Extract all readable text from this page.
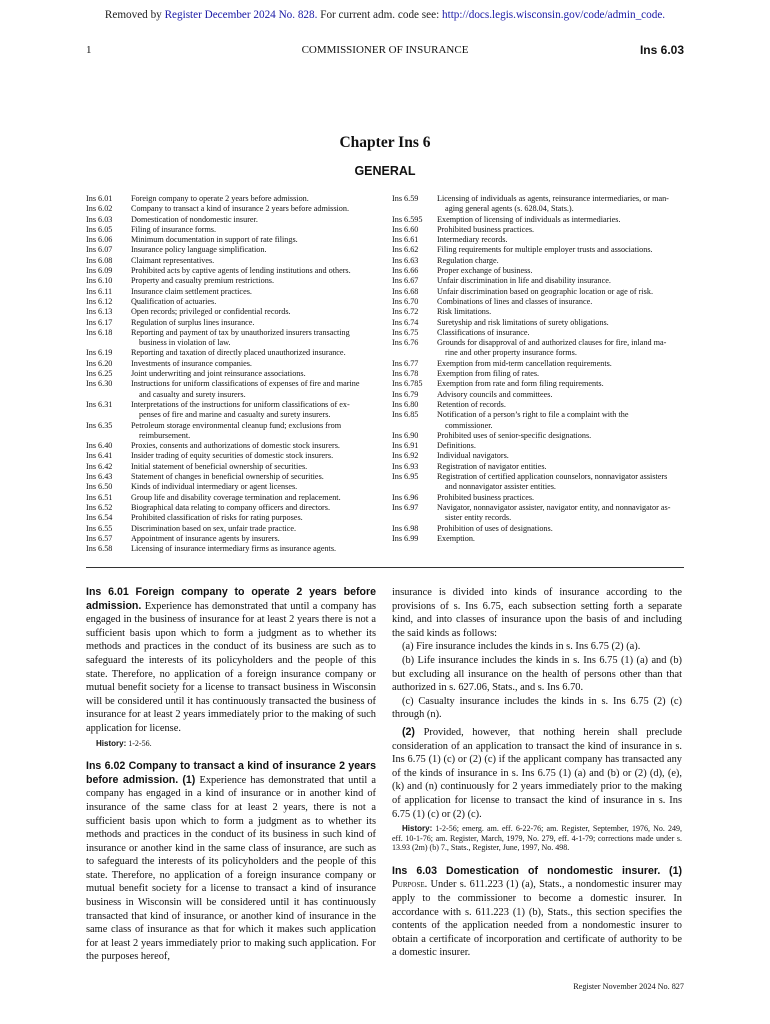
Removed by Register December 2024 No. 828. For current adm. code see: http://docs.legis.wisconsin.gov/code/admin_code.
1	COMMISSIONER OF INSURANCE	Ins 6.03
Chapter Ins 6
GENERAL
Ins 6.01	Foreign company to operate 2 years before admission.
Ins 6.02	Company to transact a kind of insurance 2 years before admission.
Ins 6.03	Domestication of nondomestic insurer.
Ins 6.05	Filing of insurance forms.
Ins 6.06	Minimum documentation in support of rate filings.
Ins 6.07	Insurance policy language simplification.
Ins 6.08	Claimant representatives.
Ins 6.09	Prohibited acts by captive agents of lending institutions and others.
Ins 6.10	Property and casualty premium restrictions.
Ins 6.11	Insurance claim settlement practices.
Ins 6.12	Qualification of actuaries.
Ins 6.13	Open records; privileged or confidential records.
Ins 6.17	Regulation of surplus lines insurance.
Ins 6.18	Reporting and payment of tax by unauthorized insurers transacting
business in violation of law.
Ins 6.19	Reporting and taxation of directly placed unauthorized insurance.
Ins 6.20	Investments of insurance companies.
Ins 6.25	Joint underwriting and joint reinsurance associations.
Ins 6.30	Instructions for uniform classifications of expenses of fire and marine
and casualty and surety insurers.
Ins 6.31	Interpretations of the instructions for uniform classifications of ex-
penses of fire and marine and casualty and surety insurers.
Ins 6.35	Petroleum storage environmental cleanup fund; exclusions from
reimbursement.
Ins 6.40	Proxies, consents and authorizations of domestic stock insurers.
Ins 6.41	Insider trading of equity securities of domestic stock insurers.
Ins 6.42	Initial statement of beneficial ownership of securities.
Ins 6.43	Statement of changes in beneficial ownership of securities.
Ins 6.50	Kinds of individual intermediary or agent licenses.
Ins 6.51	Group life and disability coverage termination and replacement.
Ins 6.52	Biographical data relating to company officers and directors.
Ins 6.54	Prohibited classification of risks for rating purposes.
Ins 6.55	Discrimination based on sex, unfair trade practice.
Ins 6.57	Appointment of insurance agents by insurers.
Ins 6.58	Licensing of insurance intermediary firms as insurance agents.
Ins 6.59	Licensing of individuals as agents, reinsurance intermediaries, or man-
aging general agents (s. 628.04, Stats.).
Ins 6.595	Exemption of licensing of individuals as intermediaries.
Ins 6.60	Prohibited business practices.
Ins 6.61	Intermediary records.
Ins 6.62	Filing requirements for multiple employer trusts and associations.
Ins 6.63	Regulation charge.
Ins 6.66	Proper exchange of business.
Ins 6.67	Unfair discrimination in life and disability insurance.
Ins 6.68	Unfair discrimination based on geographic location or age of risk.
Ins 6.70	Combinations of lines and classes of insurance.
Ins 6.72	Risk limitations.
Ins 6.74	Suretyship and risk limitations of surety obligations.
Ins 6.75	Classifications of insurance.
Ins 6.76	Grounds for disapproval of and authorized clauses for fire, inland ma-
rine and other property insurance forms.
Ins 6.77	Exemption from mid-term cancellation requirements.
Ins 6.78	Exemption from filing of rates.
Ins 6.785	Exemption from rate and form filing requirements.
Ins 6.79	Advisory councils and committees.
Ins 6.80	Retention of records.
Ins 6.85	Notification of a person’s right to file a complaint with the
commissioner.
Ins 6.90	Prohibited uses of senior-specific designations.
Ins 6.91	Definitions.
Ins 6.92	Individual navigators.
Ins 6.93	Registration of navigator entities.
Ins 6.95	Registration of certified application counselors, nonnavigator assisters
and nonnavigator assister entities.
Ins 6.96	Prohibited business practices.
Ins 6.97	Navigator, nonnavigator assister, navigator entity, and nonnavigator as-
sister entity records.
Ins 6.98	Prohibition of uses of designations.
Ins 6.99	Exemption.

Ins 6.01 Foreign company to operate 2 years before admission. Experience has demonstrated that until a company has engaged in the business of insurance for at least 2 years there is not a sufficient basis upon which to form a judgment as to whether its methods and practices in the conduct of its business are such as to safeguard the interests of its policyholders and the people of this state. Therefore, no application of a foreign insurance company or mutual benefit society for a license to transact business in Wisconsin will be considered until it has continuously transacted the business of insurance for at least 2 years immediately prior to the making of such application for license.

History: 1-2-56.

Ins 6.02 Company to transact a kind of insurance 2 years before admission. (1) Experience has demonstrated that until a company has engaged in a kind of insurance or in another kind of insurance of the same class for at least 2 years, there is not a sufficient basis upon which to form a judgment as to whether its methods and practices in the conduct of its business in such kind of insurance or another kind in the same class of insurance, are such as to safeguard the interests of its policyholders and the people of this state. Therefore, no application of a foreign insurance company or mutual benefit society for a license to transact a kind of insurance business in Wisconsin will be considered until it has continuously transacted that kind of insurance, or another kind of insurance in the same class of insurance as that for which it makes such application for at least 2 years immediately prior to making such application. For the purposes hereof,

insurance is divided into kinds of insurance according to the provisions of s. Ins 6.75, each subsection setting forth a separate kind, and into classes of insurance upon the basis of and including the said kinds as follows:

(a) Fire insurance includes the kinds in s. Ins 6.75 (2) (a).

(b) Life insurance includes the kinds in s. Ins 6.75 (1) (a) and (b) but excluding all insurance on the health of persons other than that authorized in s. 627.06, Stats., and s. Ins 6.70.

(c) Casualty insurance includes the kinds in s. Ins 6.75 (2) (c) through (n).

(2) Provided, however, that nothing herein shall preclude consideration of an application to transact the kind of insurance in s. Ins 6.75 (1) (c) or (2) (c) if the applicant company has transacted any of the kinds of insurance in s. Ins 6.75 (1) (a) and (b) or (2) (d), (e), (k) and (n) continuously for 2 years immediately prior to the making of application for license to transact the kind of insurance in s. Ins 6.75 (1) (c) or (2) (c).

History: 1-2-56; emerg. am. eff. 6-22-76; am. Register, September, 1976, No. 249, eff. 10-1-76; am. Register, March, 1979, No. 279, eff. 4-1-79; corrections made under s. 13.93 (2m) (b) 7., Stats., Register, June, 1997, No. 498.

Ins 6.03 Domestication of nondomestic insurer. (1) Purpose. Under s. 611.223 (1) (a), Stats., a nondomestic insurer may apply to the commissioner to become a domestic insurer. In accordance with s. 611.223 (1) (b), Stats., this section specifies the contents of the application needed from a nondomestic insurer to obtain a certificate of incorporation and certificate of authority to be a domestic insurer.

Register November 2024 No. 827
